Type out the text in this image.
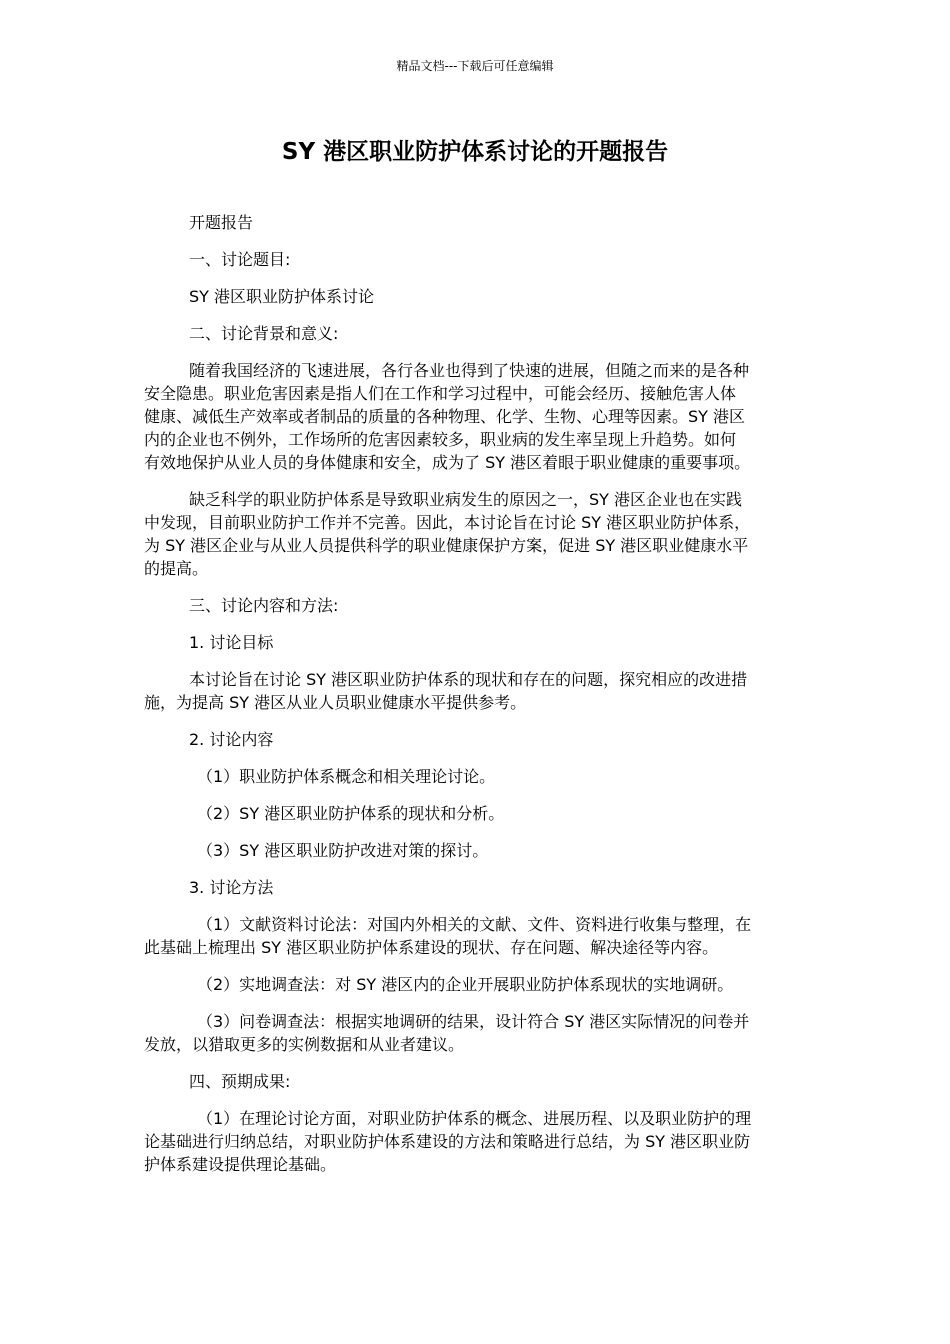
精品文档---下载后可任意编辑
SY 港区职业防护体系讨论的开题报告

开题报告

一、讨论题目:

SY 港区职业防护体系讨论

二、讨论背景和意义:

随着我国经济的飞速进展，各行各业也得到了快速的进展，但随之而来的是各种
安全隐患。职业危害因素是指人们在工作和学习过程中，可能会经历、接触危害人体
健康、减低生产效率或者制品的质量的各种物理、化学、生物、心理等因素。SY 港区
内的企业也不例外，工作场所的危害因素较多，职业病的发生率呈现上升趋势。如何
有效地保护从业人员的身体健康和安全，成为了 SY 港区着眼于职业健康的重要事项。

缺乏科学的职业防护体系是导致职业病发生的原因之一，SY 港区企业也在实践
中发现，目前职业防护工作并不完善。因此，本讨论旨在讨论 SY 港区职业防护体系，
为 SY 港区企业与从业人员提供科学的职业健康保护方案，促进 SY 港区职业健康水平
的提高。

三、讨论内容和方法:

1. 讨论目标

本讨论旨在讨论 SY 港区职业防护体系的现状和存在的问题，探究相应的改进措
施，为提高 SY 港区从业人员职业健康水平提供参考。

2. 讨论内容

（1）职业防护体系概念和相关理论讨论。

（2）SY 港区职业防护体系的现状和分析。

（3）SY 港区职业防护改进对策的探讨。

3. 讨论方法

（1）文献资料讨论法：对国内外相关的文献、文件、资料进行收集与整理，在
此基础上梳理出 SY 港区职业防护体系建设的现状、存在问题、解决途径等内容。

（2）实地调查法：对 SY 港区内的企业开展职业防护体系现状的实地调研。

（3）问卷调查法：根据实地调研的结果，设计符合 SY 港区实际情况的问卷并
发放，以猎取更多的实例数据和从业者建议。

四、预期成果:

（1）在理论讨论方面，对职业防护体系的概念、进展历程、以及职业防护的理
论基础进行归纳总结，对职业防护体系建设的方法和策略进行总结，为 SY 港区职业防
护体系建设提供理论基础。
